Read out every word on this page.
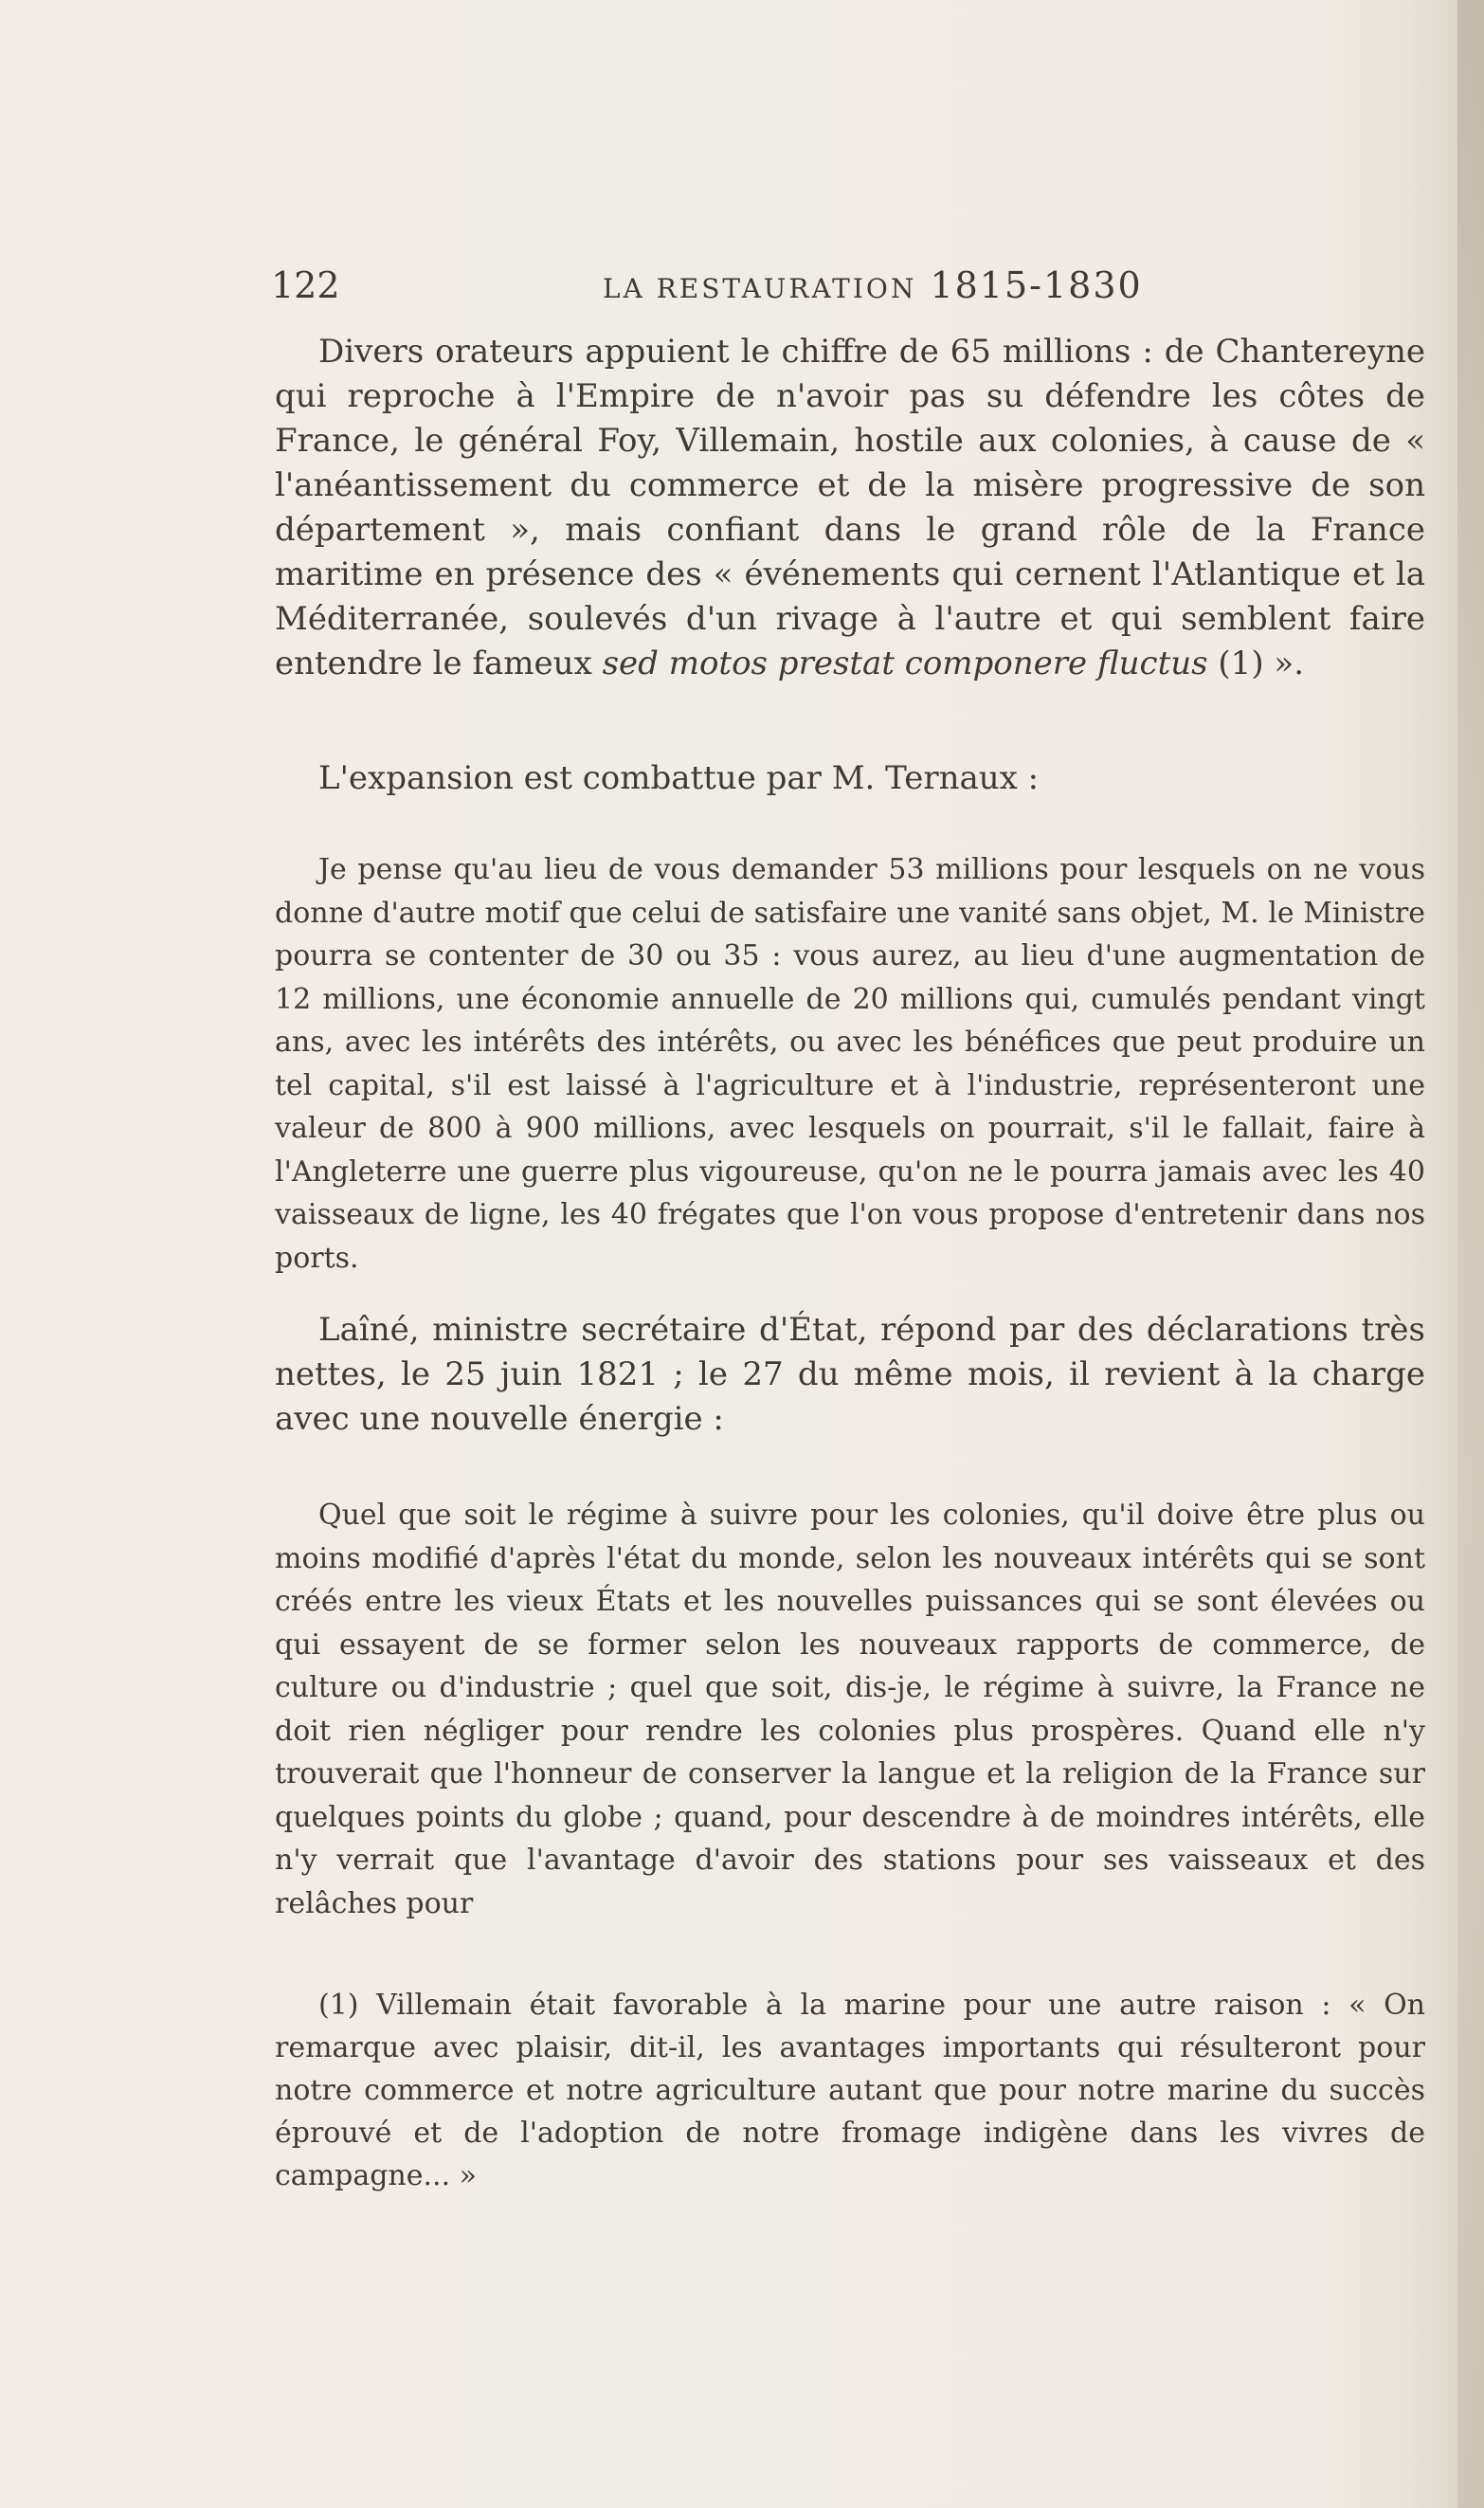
122	LA RESTAURATION 1815-1830

Divers orateurs appuient le chiffre de 65 millions : de Chantereyne qui reproche à l'Empire de n'avoir pas su défendre les côtes de France, le général Foy, Villemain, hostile aux colonies, à cause de « l'anéantissement du commerce et de la misère progressive de son département », mais confiant dans le grand rôle de la France maritime en présence des « événements qui cernent l'Atlantique et la Méditerranée, soulevés d'un rivage à l'autre et qui semblent faire entendre le fameux sed motos prestat componere fluctus (1) ».

L'expansion est combattue par M. Ternaux :

Je pense qu'au lieu de vous demander 53 millions pour lesquels on ne vous donne d'autre motif que celui de satisfaire une vanité sans objet, M. le Ministre pourra se contenter de 30 ou 35 : vous aurez, au lieu d'une augmentation de 12 millions, une économie annuelle de 20 millions qui, cumulés pendant vingt ans, avec les intérêts des intérêts, ou avec les bénéfices que peut produire un tel capital, s'il est laissé à l'agriculture et à l'industrie, représenteront une valeur de 800 à 900 millions, avec lesquels on pourrait, s'il le fallait, faire à l'Angleterre une guerre plus vigoureuse, qu'on ne le pourra jamais avec les 40 vaisseaux de ligne, les 40 frégates que l'on vous propose d'entretenir dans nos ports.

Laîné, ministre secrétaire d'État, répond par des déclarations très nettes, le 25 juin 1821 ; le 27 du même mois, il revient à la charge avec une nouvelle énergie :

Quel que soit le régime à suivre pour les colonies, qu'il doive être plus ou moins modifié d'après l'état du monde, selon les nouveaux intérêts qui se sont créés entre les vieux États et les nouvelles puissances qui se sont élevées ou qui essayent de se former selon les nouveaux rapports de commerce, de culture ou d'industrie ; quel que soit, dis-je, le régime à suivre, la France ne doit rien négliger pour rendre les colonies plus prospères. Quand elle n'y trouverait que l'honneur de conserver la langue et la religion de la France sur quelques points du globe ; quand, pour descendre à de moindres intérêts, elle n'y verrait que l'avantage d'avoir des stations pour ses vaisseaux et des relâches pour

(1) Villemain était favorable à la marine pour une autre raison : « On remarque avec plaisir, dit-il, les avantages importants qui résulteront pour notre commerce et notre agriculture autant que pour notre marine du succès éprouvé et de l'adoption de notre fromage indigène dans les vivres de campagne... »
